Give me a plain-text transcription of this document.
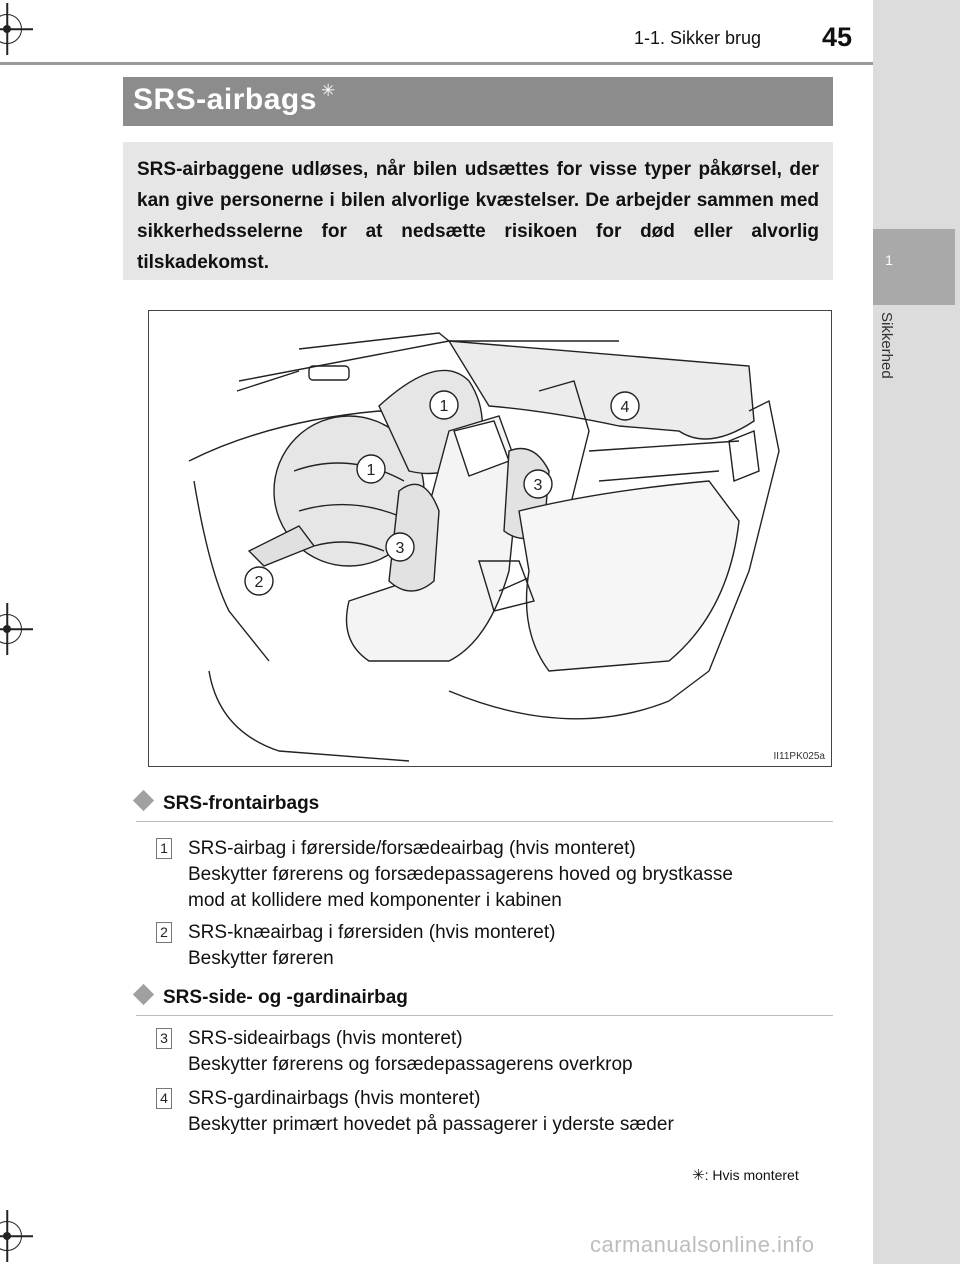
1
Sikkerhed
1-1. Sikker brug 45
SRS-airbags ✳

SRS-airbaggene udløses, når bilen udsættes for visse typer påkørsel, der kan give personerne i bilen alvorlige kvæstelser. De arbejder sammen med sikkerhedsselerne for at nedsætte risikoen for død eller alvorlig tilskadekomst.

1
1
2
3
3
4
II11PK025a
SRS-frontairbags
1 SRS-airbag i førerside/forsædeairbag (hvis monteret)
Beskytter førerens og forsædepassagerens hoved og brystkasse
mod at kollidere med komponenter i kabinen
2 SRS-knæairbag i førersiden (hvis monteret)
Beskytter føreren
SRS-side- og -gardinairbag
3 SRS-sideairbags (hvis monteret)
Beskytter førerens og forsædepassagerens overkrop
4 SRS-gardinairbags (hvis monteret)
Beskytter primært hovedet på passagerer i yderste sæder
✳: Hvis monteret
carmanualsonline.info
